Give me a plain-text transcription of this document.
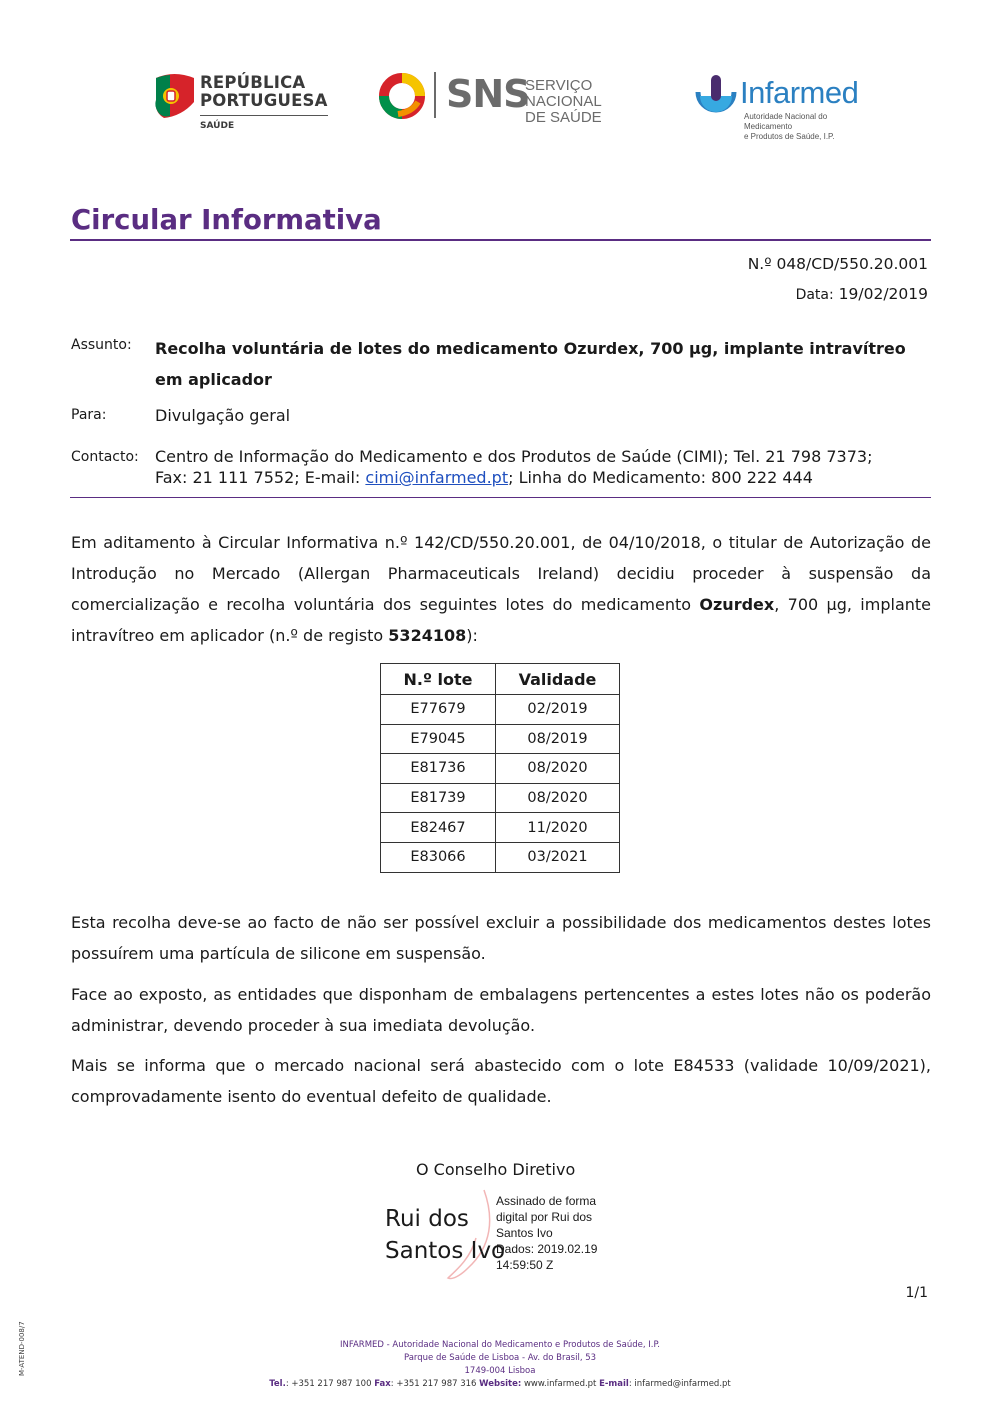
REPÚBLICA
PORTUGUESA
SAÚDE
SNS
SERVIÇO NACIONAL
DE SAÚDE
Infarmed
Autoridade Nacional do Medicamento
e Produtos de Saúde, I.P.
Circular Informativa
N.º 048/CD/550.20.001
Data: 19/02/2019
Assunto: Recolha voluntária de lotes do medicamento Ozurdex, 700 µg, implante intravítreo em aplicador
Para:	Divulgação geral
Contacto: Centro de Informação do Medicamento e dos Produtos de Saúde (CIMI); Tel. 21 798 7373;
Fax: 21 111 7552; E-mail: cimi@infarmed.pt; Linha do Medicamento: 800 222 444
Em aditamento à Circular Informativa n.º 142/CD/550.20.001, de 04/10/2018, o titular de Autorização de Introdução no Mercado (Allergan Pharmaceuticals Ireland) decidiu proceder à suspensão da comercialização e recolha voluntária dos seguintes lotes do medicamento Ozurdex, 700 µg, implante intravítreo em aplicador (n.º de registo 5324108):
N.º lote	Validade
E77679	02/2019
E79045	08/2019
E81736	08/2020
E81739	08/2020
E82467	11/2020
E83066	03/2021
Esta recolha deve-se ao facto de não ser possível excluir a possibilidade dos medicamentos destes lotes possuírem uma partícula de silicone em suspensão.
Face ao exposto, as entidades que disponham de embalagens pertencentes a estes lotes não os poderão administrar, devendo proceder à sua imediata devolução.
Mais se informa que o mercado nacional será abastecido com o lote E84533 (validade 10/09/2021), comprovadamente isento do eventual defeito de qualidade.
O Conselho Diretivo
Rui dos
Santos Ivo
Assinado de forma
digital por Rui dos
Santos Ivo
Dados: 2019.02.19
14:59:50 Z
1/1
M-ATEND-008/7	INFARMED - Autoridade Nacional do Medicamento e Produtos de Saúde, I.P.
Parque de Saúde de Lisboa - Av. do Brasil, 53
1749-004 Lisboa
Tel.: +351 217 987 100 Fax: +351 217 987 316 Website: www.infarmed.pt E-mail: infarmed@infarmed.pt
